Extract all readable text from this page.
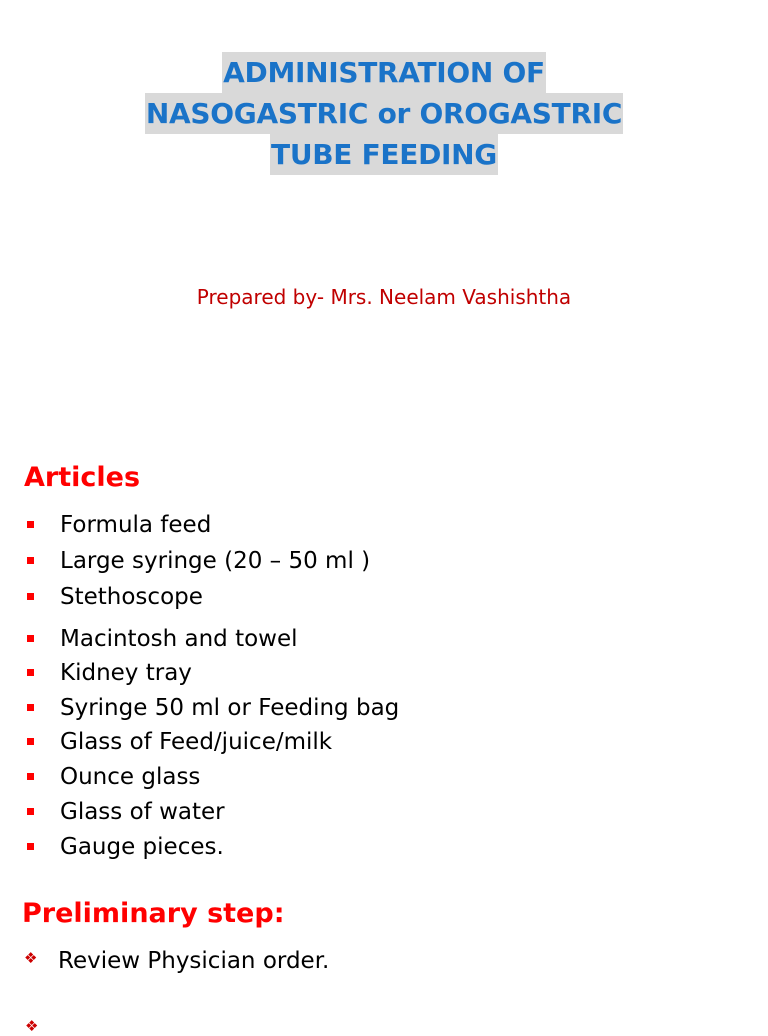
ADMINISTRATION OF
NASOGASTRIC or OROGASTRIC
TUBE FEEDING
Prepared by- Mrs. Neelam Vashishtha
Articles
Formula feed
Large syringe (20 – 50 ml )
Stethoscope
Macintosh and towel
Kidney tray
Syringe 50 ml or Feeding bag
Glass of Feed/juice/milk
Ounce glass
Glass of water
Gauge pieces.
Preliminary step:
❖ Review Physician order.
❖
